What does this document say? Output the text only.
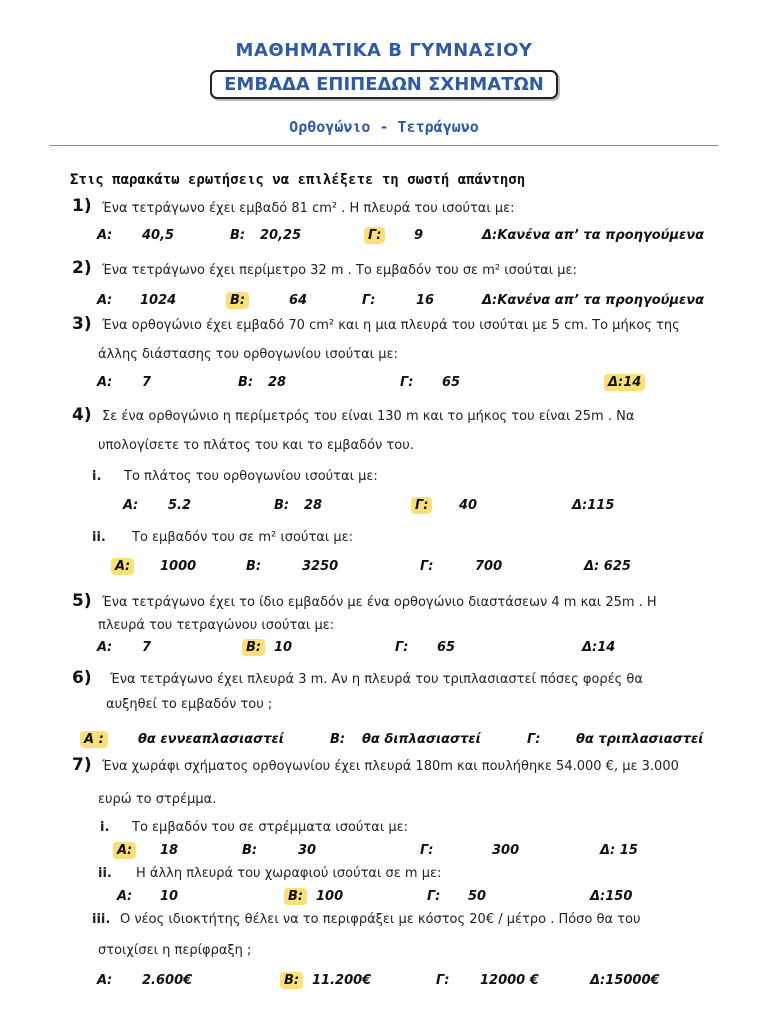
ΜΑΘΗΜΑΤΙΚΑ Β ΓΥΜΝΑΣΙΟΥ
ΕΜΒΑΔΑ ΕΠΙΠΕΔΩΝ ΣΧΗΜΑΤΩΝ
Ορθογώνιο - Τετράγωνο
Στις παρακάτω ερωτήσεις να επιλέξετε τη σωστή απάντηση
1) Ένα τετράγωνο έχει εμβαδό 81 cm² . Η πλευρά του ισούται με:
Α: 40,5	Β: 20,25	Γ:	9	Δ:Κανένα απ’ τα προηγούμενα
2) Ένα τετράγωνο έχει περίμετρο 32 m . Το εμβαδόν του σε m² ισούται με:
Α: 1024	Β:	64	Γ:	16	Δ:Κανένα απ’ τα προηγούμενα
3) Ένα ορθογώνιο έχει εμβαδό 70 cm² και η μια πλευρά του ισούται με 5 cm. Το μήκος της
άλλης διάστασης του ορθογωνίου ισούται με:
Α: 7	Β: 28	Γ: 65	Δ:14
4) Σε ένα ορθογώνιο η περίμετρός του είναι 130 m και το μήκος του είναι 25m . Να
υπολογίσετε το πλάτος του και το εμβαδόν του.
i. Το πλάτος του ορθογωνίου ισούται με:
Α: 5.2	Β: 28	Γ:	40	Δ:115
ii. Το εμβαδόν του σε m² ισούται με:
Α:	1000	Β:	3250	Γ:	700	Δ: 625
5) Ένα τετράγωνο έχει το ίδιο εμβαδόν με ένα ορθογώνιο διαστάσεων 4 m και 25m . Η
πλευρά του τετραγώνου ισούται με:
Α: 7	Β: 10	Γ: 65	Δ:14
6) Ένα τετράγωνο έχει πλευρά 3 m. Αν η πλευρά του τριπλασιαστεί πόσες φορές θα
αυξηθεί το εμβαδόν του ;
Α :	θα εννεαπλασιαστεί	Β: θα διπλασιαστεί	Γ:	θα τριπλασιαστεί
7) Ένα χωράφι σχήματος ορθογωνίου έχει πλευρά 180m και πουλήθηκε 54.000 €, με 3.000
ευρώ το στρέμμα.
i. Το εμβαδόν του σε στρέμματα ισούται με:
Α:	18	Β:	30	Γ:	300	Δ: 15
ii. Η άλλη πλευρά του χωραφιού ισούται σε m με:
Α: 10	Β: 100	Γ: 50	Δ:150
iii. Ο νέος ιδιοκτήτης θέλει να το περιφράξει με κόστος 20€ / μέτρο . Πόσο θα του
στοιχίσει η περίφραξη ;
Α: 2.600€	Β: 11.200€	Γ: 12000 €	Δ:15000€
